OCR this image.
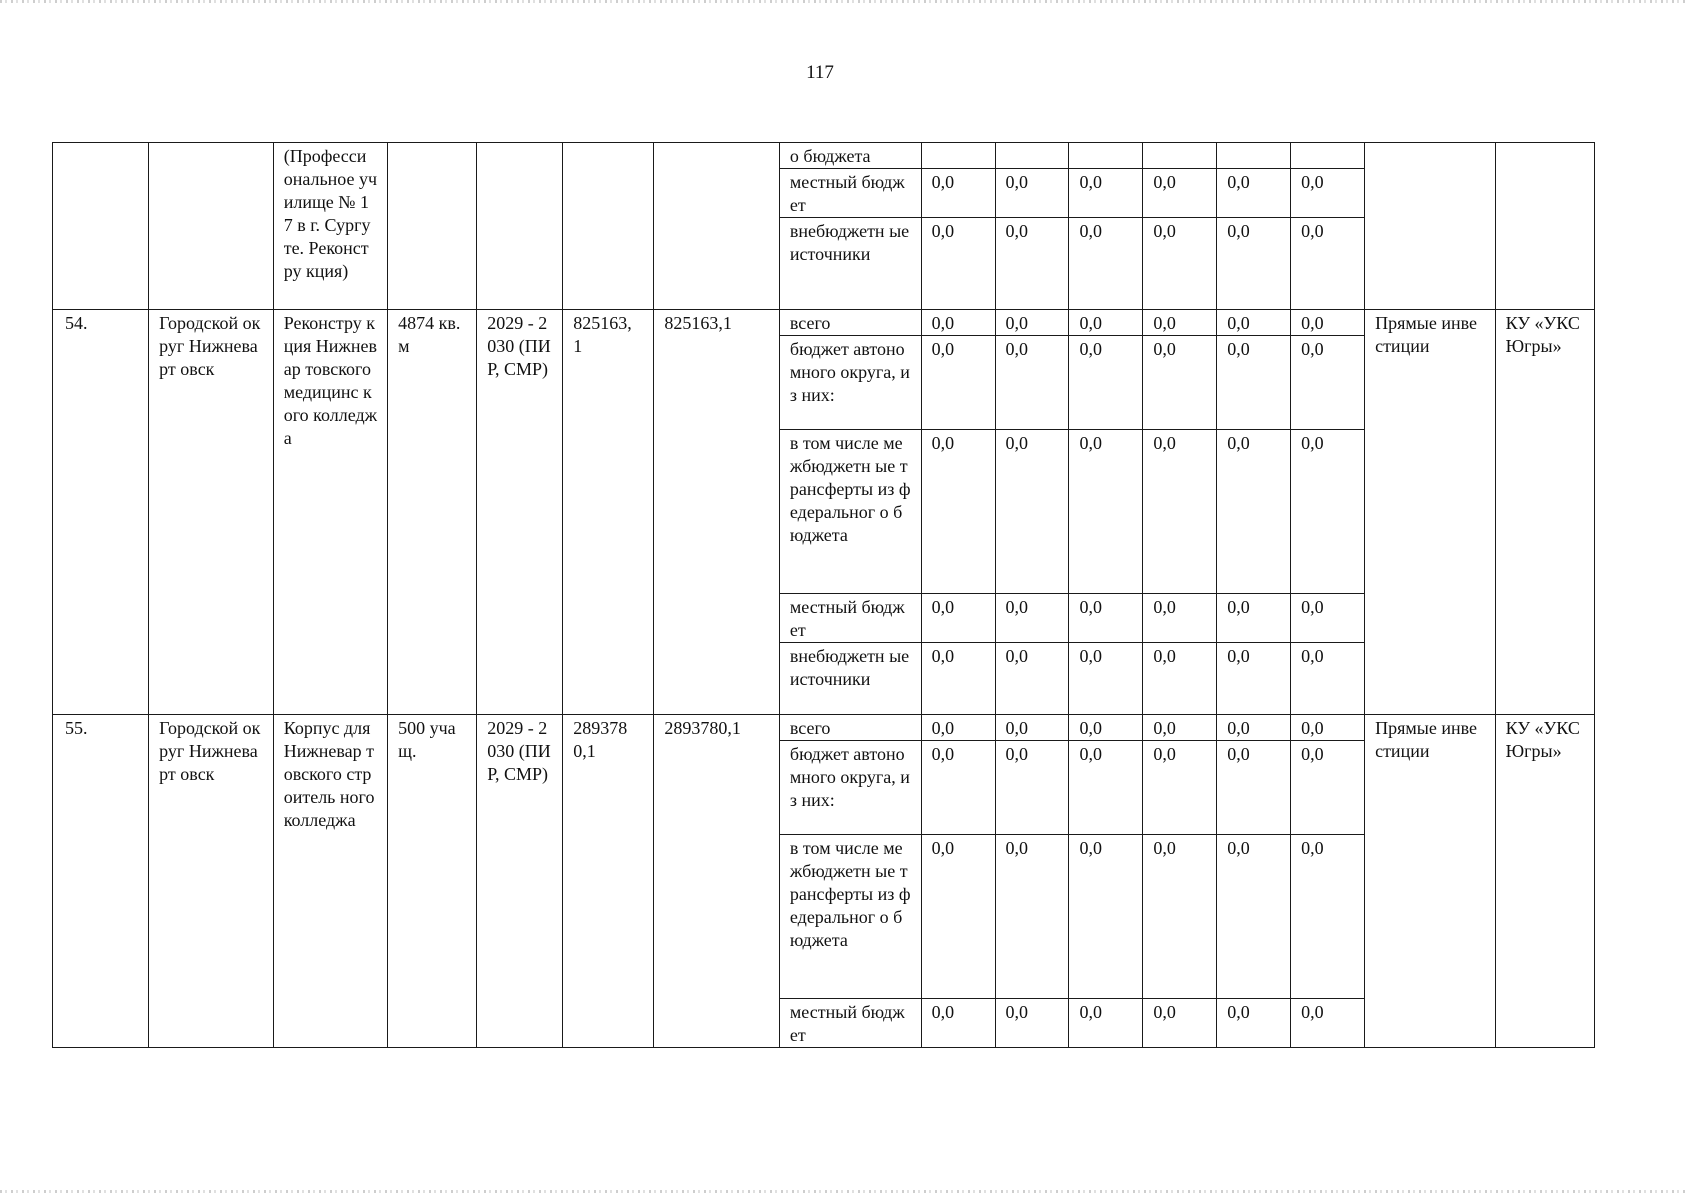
117
		(Професси ональное училище № 17 в г. Сургуте. Реконстру кция)					о бюджета								
							местный бюджет	0,0	0,0	0,0	0,0	0,0	0,0		
							внебюджетн ые источники	0,0	0,0	0,0	0,0	0,0	0,0		
54.	Городской округ Нижневарт овск	Реконстру кция Нижневар товского медицинс кого колледжа	4874 кв. м	2029 - 2030 (ПИР, СМР)	825163, 1	825163,1	всего	0,0	0,0	0,0	0,0	0,0	0,0	Прямые инвестиции	КУ «УКС Югры»
							бюджет автономного округа, из них:	0,0	0,0	0,0	0,0	0,0	0,0		
							в том числе межбюджетн ые трансферты из федеральног о бюджета	0,0	0,0	0,0	0,0	0,0	0,0		
							местный бюджет	0,0	0,0	0,0	0,0	0,0	0,0		
							внебюджетн ые источники	0,0	0,0	0,0	0,0	0,0	0,0		
55.	Городской округ Нижневарт овск	Корпус для Нижневар товского строитель ного колледжа	500 учащ.	2029 - 2030 (ПИР, СМР)	289378 0,1	2893780,1	всего	0,0	0,0	0,0	0,0	0,0	0,0	Прямые инвестиции	КУ «УКС Югры»
							бюджет автономного округа, из них:	0,0	0,0	0,0	0,0	0,0	0,0		
							в том числе межбюджетн ые трансферты из федеральног о бюджета	0,0	0,0	0,0	0,0	0,0	0,0		
							местный бюджет	0,0	0,0	0,0	0,0	0,0	0,0		
